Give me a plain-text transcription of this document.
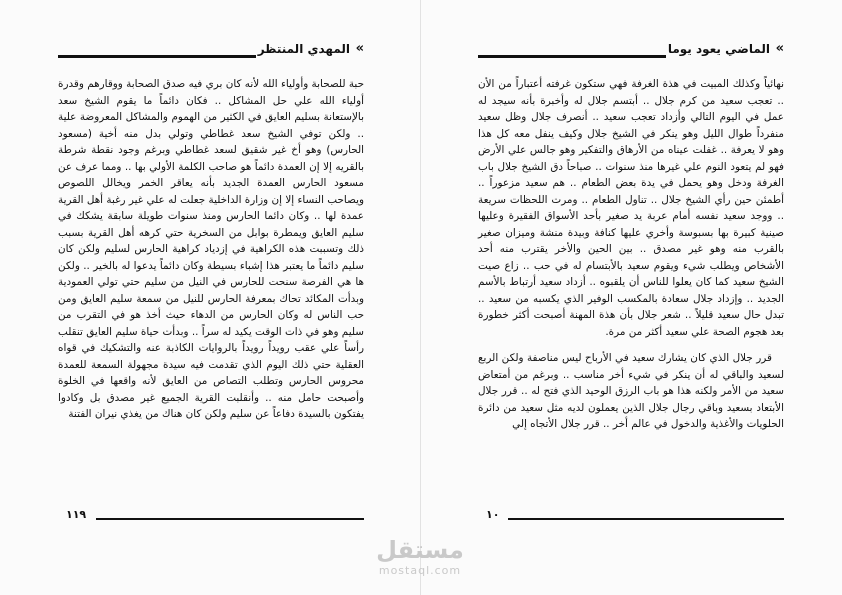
»
المهدي المنتظر

حبة للصحابة وأولياء الله لأنه كان بري فيه صدق الصحابة ووقارهم وقدرة أولياء الله علي حل المشاكل .. فكان دائماً ما يقوم الشيخ سعد بالإستعانة بسليم العايق في الكثير من الهموم والمشاكل المعروضة علية .. ولكن توفي الشيخ سعد غطاطي وتولي بدل منه أخية (مسعود الحارس) وهو أخ غير شقيق لسعد غطاطي وبرغم وجود نقطة شرطة بالقريه إلا إن العمدة دائماً هو صاحب الكلمة الأولي بها .. ومما عرف عن مسعود الحارس العمدة الجديد بأنه يعاقر الخمر ويخالل اللصوص ويصاحب النساء إلا إن وزارة الداخلية جعلت له علي غير رغبة أهل القرية عمدة لها .. وكان دائما الحارس ومنذ سنوات طويلة سابقة يشكك في سليم العايق ويمطرة بوابل من السخرية حتي كرهه أهل القرية بسبب ذلك وتسببت هذه الكراهية في إزدياد كراهية الحارس لسليم ولكن كان سليم دائماً ما يعتبر هذا إشباء بسيطة وكان دائماً يدعوا له بالخير .. ولكن ها هي الفرصة سنحت للحارس في النيل من سليم حتي تولي العمودية وبدأت المكائد تحاك بمعرفة الحارس للنيل من سمعة سليم العايق ومن حب الناس له وكان الحارس من الدهاء حيث أخذ هو في التقرب من سليم وهو في ذات الوقت يكيد له سراً .. وبدأت حياة سليم العايق تنقلب رأساً علي عقب رويداً رويداً بالروايات الكاذبة عنه والتشكيك في قواه العقلية حتي ذلك اليوم الذي تقدمت فيه سيدة مجهولة السمعة للعمدة محروس الحارس وتطلب التصاص من العايق لأنه واقعها في الخلوة وأصبحت حامل منه .. وأنقلبت القرية الجميع غير مصدق بل وكادوا يفتكون بالسيدة دفاعاً عن سليم ولكن كان هناك من يغذي نيران الفتنة

١١٩
»
الماضي يعود يوما

نهائياً وكذلك المبيت في هذة الغرفة فهي ستكون غرفته أعتباراً من الأن .. تعجب سعيد من كرم جلال .. أبتسم جلال له وأخبرة بأنه سيجد له عمل في اليوم التالي وأزداد تعجب سعيد .. أنصرف جلال وظل سعيد منفرداً طوال الليل وهو ينكر في الشيخ جلال وكيف ينفل معه كل هذا وهو لا يعرفة .. غفلت عيناه من الأرهاق والتفكير وهو جالس علي الأرض فهو لم يتعود النوم علي غيرها منذ سنوات .. صباحاً دق الشيخ جلال باب الغرفة ودخل وهو يحمل في يدة بعض الطعام .. هم سعيد مزعوراً .. أطمئن حين رأي الشيخ جلال .. تناول الطعام .. ومرت اللحظات سريعة .. ووجد سعيد نفسه أمام عربة يد صغير بأحد الأسواق الفقيرة وعليها صينية كبيرة بها بسبوسة وأخري عليها كنافة وبيدة منشة وميزان صغير بالقرب منه وهو غير مصدق .. بين الحين والأخر يقترب منه أحد الأشخاص ويطلب شيء ويقوم سعيد بالأبتسام له في حب .. زاع صيت الشيخ سعيد كما كان يعلوا للناس أن يلقبوه .. أزداد سعيد أرتباط بالأسم الجديد .. وإزداد جلال سعادة بالمكسب الوفير الذي يكسبه من سعيد .. تبدل حال سعيد قليلاً .. شعر جلال بأن هذة المهنة أصبحت أكثر خطورة بعد هجوم الصحة علي سعيد أكثر من مرة.

قرر جلال الذي كان يشارك سعيد في الأرباح ليس مناصفة ولكن الربع لسعيد والباقي له أن ينكر في شيء أخر مناسب .. وبرغم من أمتعاض سعيد من الأمر ولكنه هذا هو باب الرزق الوحيد الذي فتح له .. قرر جلال الأبتعاد بسعيد وباقي رجال جلال الذين يعملون لديه مثل سعيد من دائرة الحلويات والأغذية والدخول في عالم أخر .. قرر جلال الأتجاه إلي

١٠
مستقل
mostaql.com
